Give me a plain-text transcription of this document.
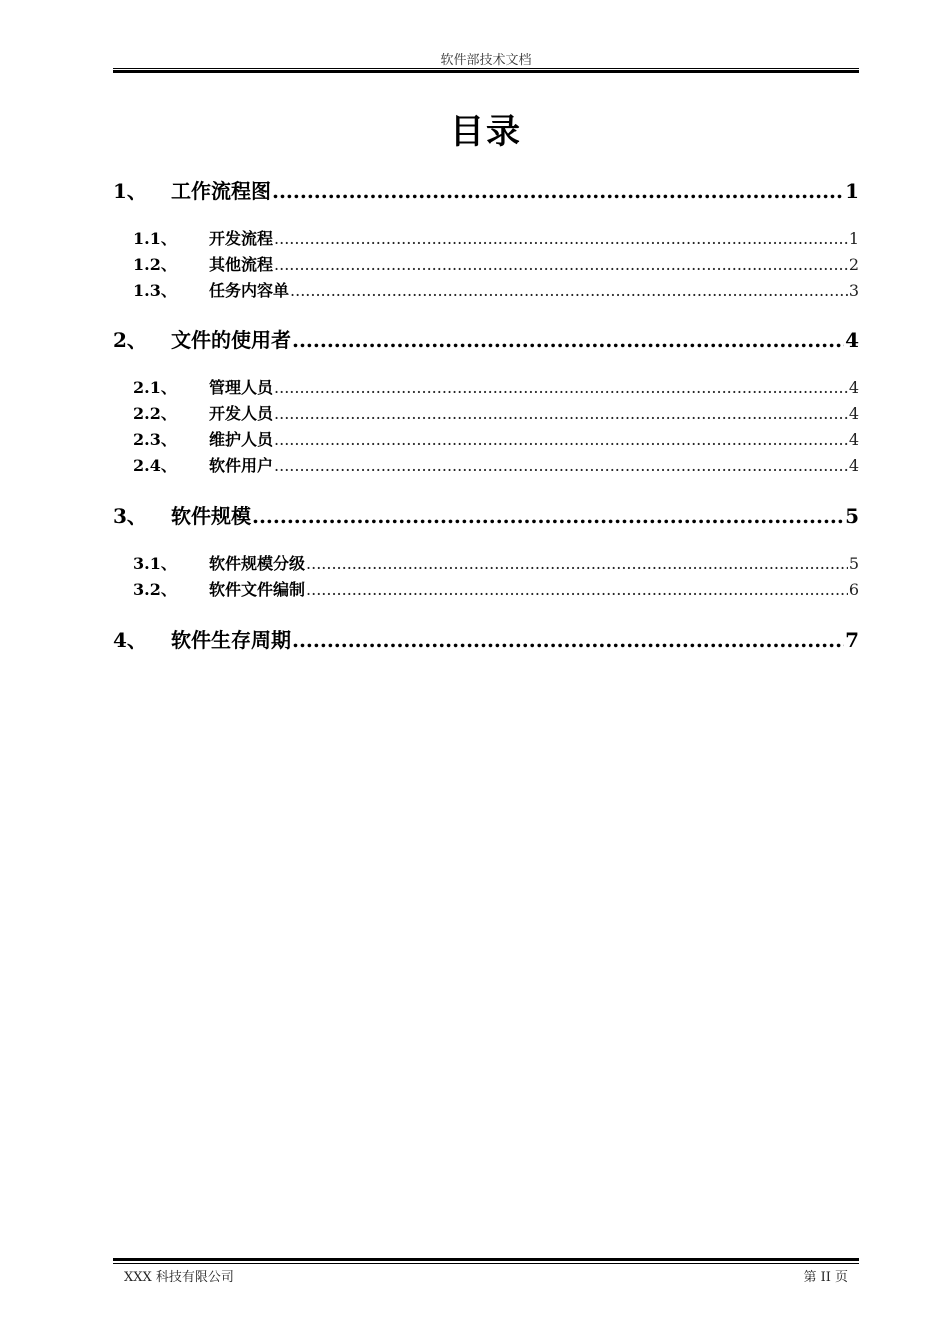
软件部技术文档
目录
1、	工作流程图 .....	1
1.1、	开发流程 .....	1
1.2、	其他流程 .....	2
1.3、	任务内容单 .....	3
2、	文件的使用者 .....	4
2.1、	管理人员 .....	4
2.2、	开发人员 .....	4
2.3、	维护人员 .....	4
2.4、	软件用户 .....	4
3、	软件规模 .....	5
3.1、	软件规模分级 .....	5
3.2、	软件文件编制 .....	6
4、	软件生存周期 .....	7
XXX 科技有限公司	第 II 页
